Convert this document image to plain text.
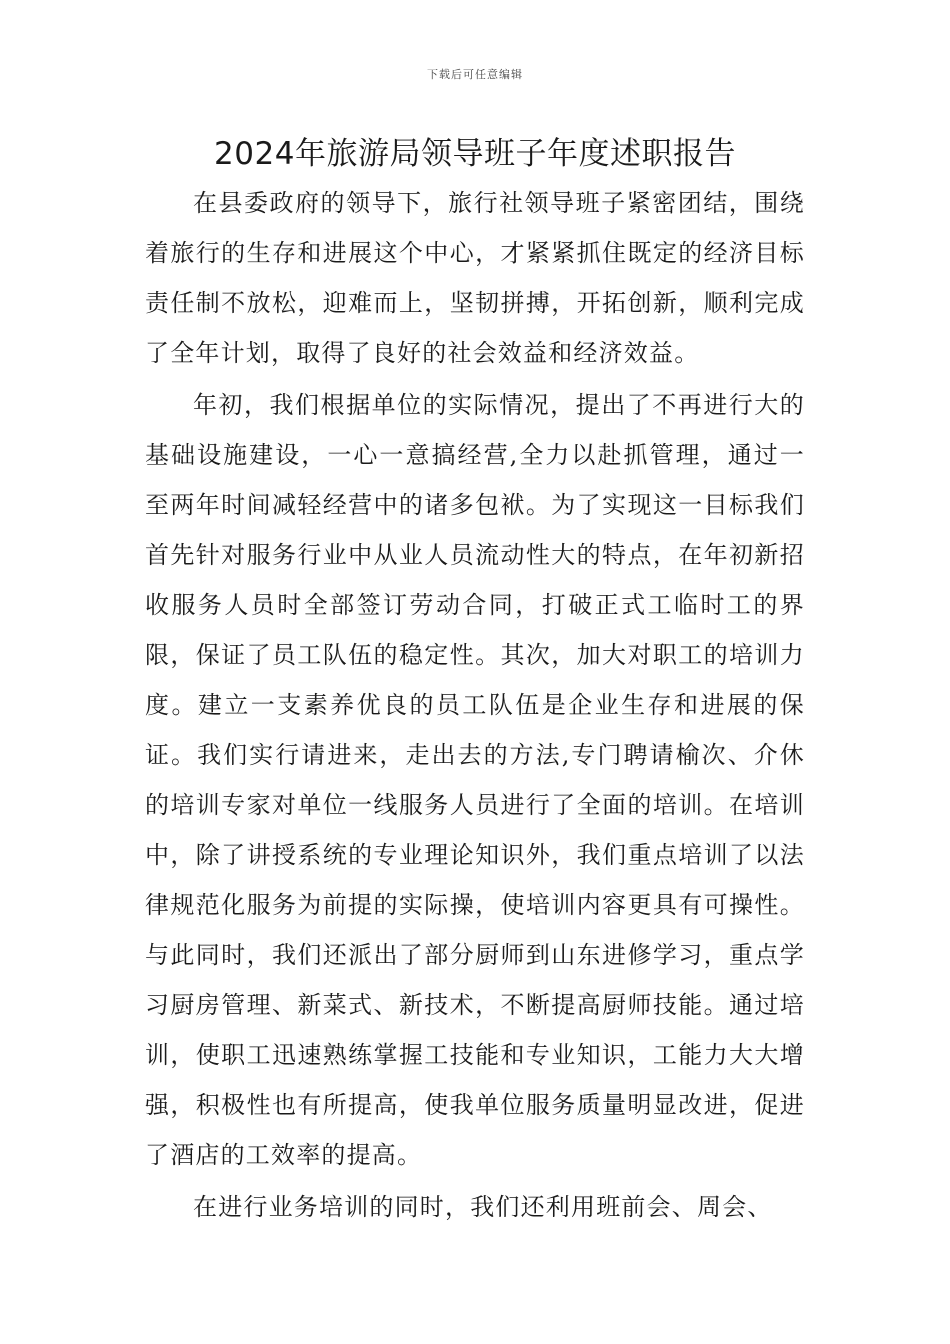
下载后可任意编辑
2024年旅游局领导班子年度述职报告

在县委政府的领导下，旅行社领导班子紧密团结，围绕着旅行的生存和进展这个中心，才紧紧抓住既定的经济目标责任制不放松，迎难而上，坚韧拼搏，开拓创新，顺利完成了全年计划，取得了良好的社会效益和经济效益。

年初，我们根据单位的实际情况，提出了不再进行大的基础设施建设，一心一意搞经营,全力以赴抓管理，通过一至两年时间减轻经营中的诸多包袱。为了实现这一目标我们首先针对服务行业中从业人员流动性大的特点，在年初新招收服务人员时全部签订劳动合同，打破正式工临时工的界限，保证了员工队伍的稳定性。其次，加大对职工的培训力度。建立一支素养优良的员工队伍是企业生存和进展的保证。我们实行请进来，走出去的方法,专门聘请榆次、介休的培训专家对单位一线服务人员进行了全面的培训。在培训中，除了讲授系统的专业理论知识外，我们重点培训了以法律规范化服务为前提的实际操，使培训内容更具有可操性。与此同时，我们还派出了部分厨师到山东进修学习，重点学习厨房管理、新菜式、新技术，不断提高厨师技能。通过培训，使职工迅速熟练掌握工技能和专业知识，工能力大大增强，积极性也有所提高，使我单位服务质量明显改进，促进了酒店的工效率的提高。

在进行业务培训的同时，我们还利用班前会、周会、
